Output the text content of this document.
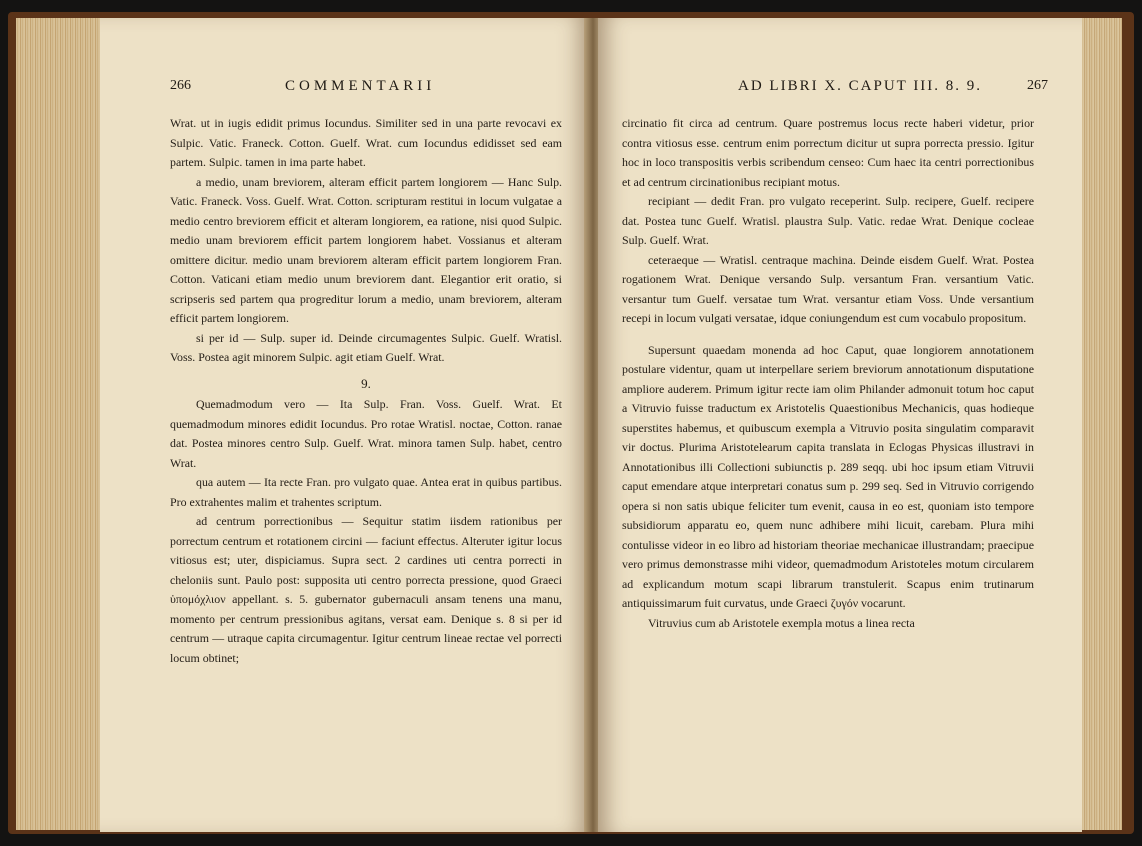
266	COMMENTARII

Wrat. ut in iugis edidit primus Iocundus. Similiter sed in una parte revocavi ex Sulpic. Vatic. Franeck. Cotton. Guelf. Wrat. cum Iocundus edidisset sed eam partem. Sulpic. tamen in ima parte habet.

a medio, unam breviorem, alteram efficit partem longiorem — Hanc Sulp. Vatic. Franeck. Voss. Guelf. Wrat. Cotton. scripturam restitui in locum vulgatae a medio centro breviorem efficit et alteram longiorem, ea ratione, nisi quod Sulpic. medio unam breviorem efficit partem longiorem habet. Vossianus et alteram omittere dicitur. medio unam breviorem alteram efficit partem longiorem Fran. Cotton. Vaticani etiam medio unum breviorem dant. Elegantior erit oratio, si scripseris sed partem qua progreditur lorum a medio, unam breviorem, alteram efficit partem longiorem.

si per id — Sulp. super id. Deinde circumagentes Sulpic. Guelf. Wratisl. Voss. Postea agit minorem Sulpic. agit etiam Guelf. Wrat.

9.

Quemadmodum vero — Ita Sulp. Fran. Voss. Guelf. Wrat. Et quemadmodum minores edidit Iocundus. Pro rotae Wratisl. noctae, Cotton. ranae dat. Postea minores centro Sulp. Guelf. Wrat. minora tamen Sulp. habet, centro Wrat.

qua autem — Ita recte Fran. pro vulgato quae. Antea erat in quibus partibus. Pro extrahentes malim et trahentes scriptum.

ad centrum porrectionibus — Sequitur statim iisdem rationibus per porrectum centrum et rotationem circini — faciunt effectus. Alteruter igitur locus vitiosus est; uter, dispiciamus. Supra sect. 2 cardines uti centra porrecti in cheloniis sunt. Paulo post: supposita uti centro porrecta pressione, quod Graeci ὑπομόχλιον appellant. s. 5. gubernator gubernaculi ansam tenens una manu, momento per centrum pressionibus agitans, versat eam. Denique s. 8 si per id centrum — utraque capita circumagentur. Igitur centrum lineae rectae vel porrecti locum obtinet;

AD LIBRI X. CAPUT III. 8. 9.	267

circinatio fit circa ad centrum. Quare postremus locus recte haberi videtur, prior contra vitiosus esse. centrum enim porrectum dicitur ut supra porrecta pressio. Igitur hoc in loco transpositis verbis scribendum censeo: Cum haec ita centri porrectionibus et ad centrum circinationibus recipiant motus.

recipiant — dedit Fran. pro vulgato receperint. Sulp. recipere, Guelf. recipere dat. Postea tunc Guelf. Wratisl. plaustra Sulp. Vatic. redae Wrat. Denique cocleae Sulp. Guelf. Wrat.

ceteraeque — Wratisl. centraque machina. Deinde eisdem Guelf. Wrat. Postea rogationem Wrat. Denique versando Sulp. versantum Fran. versantium Vatic. versantur tum Guelf. versatae tum Wrat. versantur etiam Voss. Unde versantium recepi in locum vulgati versatae, idque coniungendum est cum vocabulo propositum.

Supersunt quaedam monenda ad hoc Caput, quae longiorem annotationem postulare videntur, quam ut interpellare seriem breviorum annotationum disputatione ampliore auderem. Primum igitur recte iam olim Philander admonuit totum hoc caput a Vitruvio fuisse traductum ex Aristotelis Quaestionibus Mechanicis, quas hodieque superstites habemus, et quibuscum exempla a Vitruvio posita singulatim comparavit vir doctus. Plurima Aristotelearum capita translata in Eclogas Physicas illustravi in Annotationibus illi Collectioni subiunctis p. 289 seqq. ubi hoc ipsum etiam Vitruvii caput emendare atque interpretari conatus sum p. 299 seq. Sed in Vitruvio corrigendo opera si non satis ubique feliciter tum evenit, causa in eo est, quoniam isto tempore subsidiorum apparatu eo, quem nunc adhibere mihi licuit, carebam. Plura mihi contulisse videor in eo libro ad historiam theoriae mechanicae illustrandam; praecipue vero primus demonstrasse mihi videor, quemadmodum Aristoteles motum circularem ad explicandum motum scapi librarum transtulerit. Scapus enim trutinarum antiquissimarum fuit curvatus, unde Graeci ζυγόν vocarunt.

Vitruvius cum ab Aristotele exempla motus a linea recta
